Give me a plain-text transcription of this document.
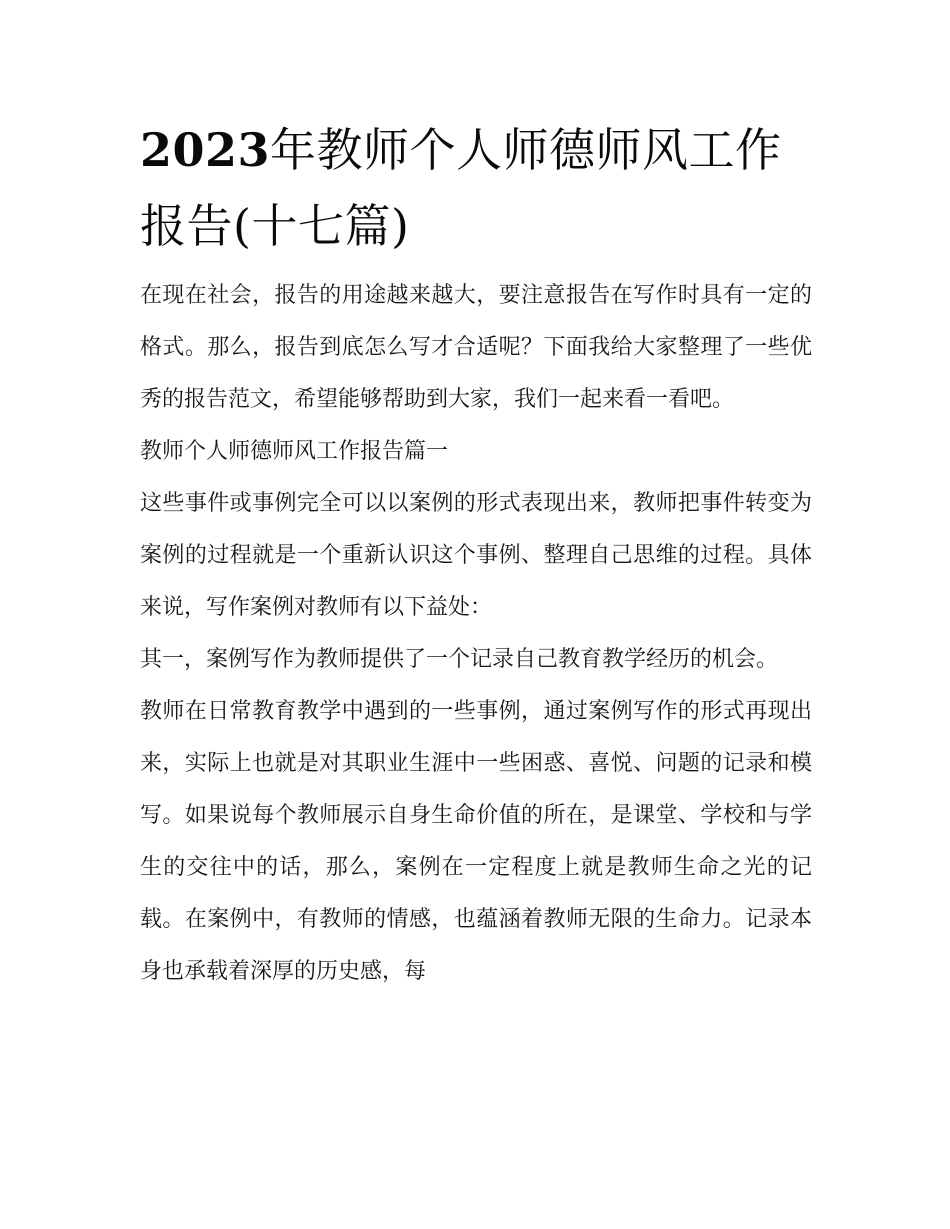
2023年教师个人师德师风工作报告(十七篇)

在现在社会，报告的用途越来越大，要注意报告在写作时具有一定的格式。那么，报告到底怎么写才合适呢？下面我给大家整理了一些优秀的报告范文，希望能够帮助到大家，我们一起来看一看吧。

教师个人师德师风工作报告篇一

这些事件或事例完全可以以案例的形式表现出来，教师把事件转变为案例的过程就是一个重新认识这个事例、整理自己思维的过程。具体来说，写作案例对教师有以下益处：

其一，案例写作为教师提供了一个记录自己教育教学经历的机会。

教师在日常教育教学中遇到的一些事例，通过案例写作的形式再现出来，实际上也就是对其职业生涯中一些困惑、喜悦、问题的记录和模写。如果说每个教师展示自身生命价值的所在，是课堂、学校和与学生的交往中的话，那么，案例在一定程度上就是教师生命之光的记载。在案例中，有教师的情感，也蕴涵着教师无限的生命力。记录本身也承载着深厚的历史感，每
